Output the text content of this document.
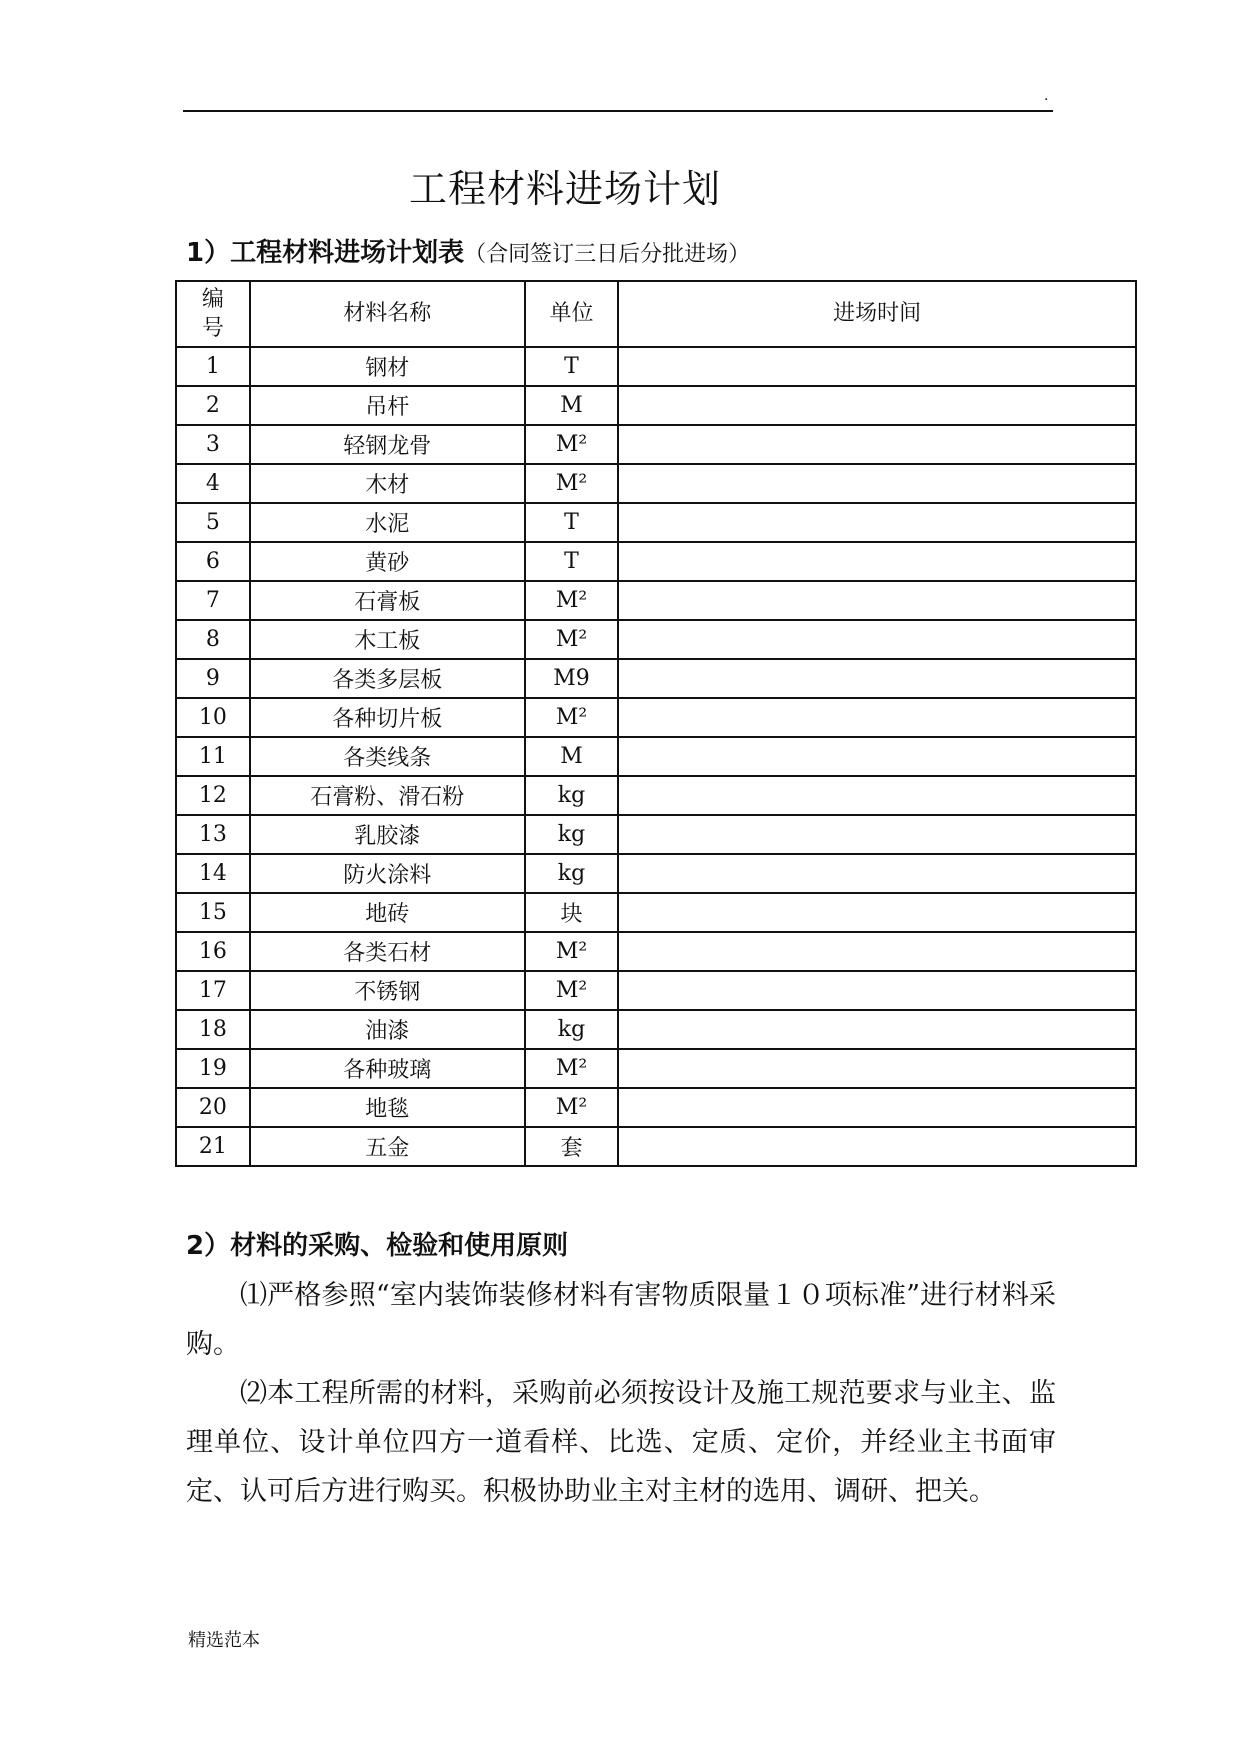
.
工程材料进场计划
1）工程材料进场计划表（合同签订三日后分批进场）
编号	材料名称	单位	进场时间
1	钢材	T	
2	吊杆	M	
3	轻钢龙骨	M²	
4	木材	M²	
5	水泥	T	
6	黄砂	T	
7	石膏板	M²	
8	木工板	M²	
9	各类多层板	M9	
10	各种切片板	M²	
11	各类线条	M	
12	石膏粉、滑石粉	kg	
13	乳胶漆	kg	
14	防火涂料	kg	
15	地砖	块	
16	各类石材	M²	
17	不锈钢	M²	
18	油漆	kg	
19	各种玻璃	M²	
20	地毯	M²	
21	五金	套	
2）材料的采购、检验和使用原则
⑴严格参照“室内装饰装修材料有害物质限量１０项标准”进行材料采购。
⑵本工程所需的材料，采购前必须按设计及施工规范要求与业主、监理单位、设计单位四方一道看样、比选、定质、定价，并经业主书面审定、认可后方进行购买。积极协助业主对主材的选用、调研、把关。
精选范本
